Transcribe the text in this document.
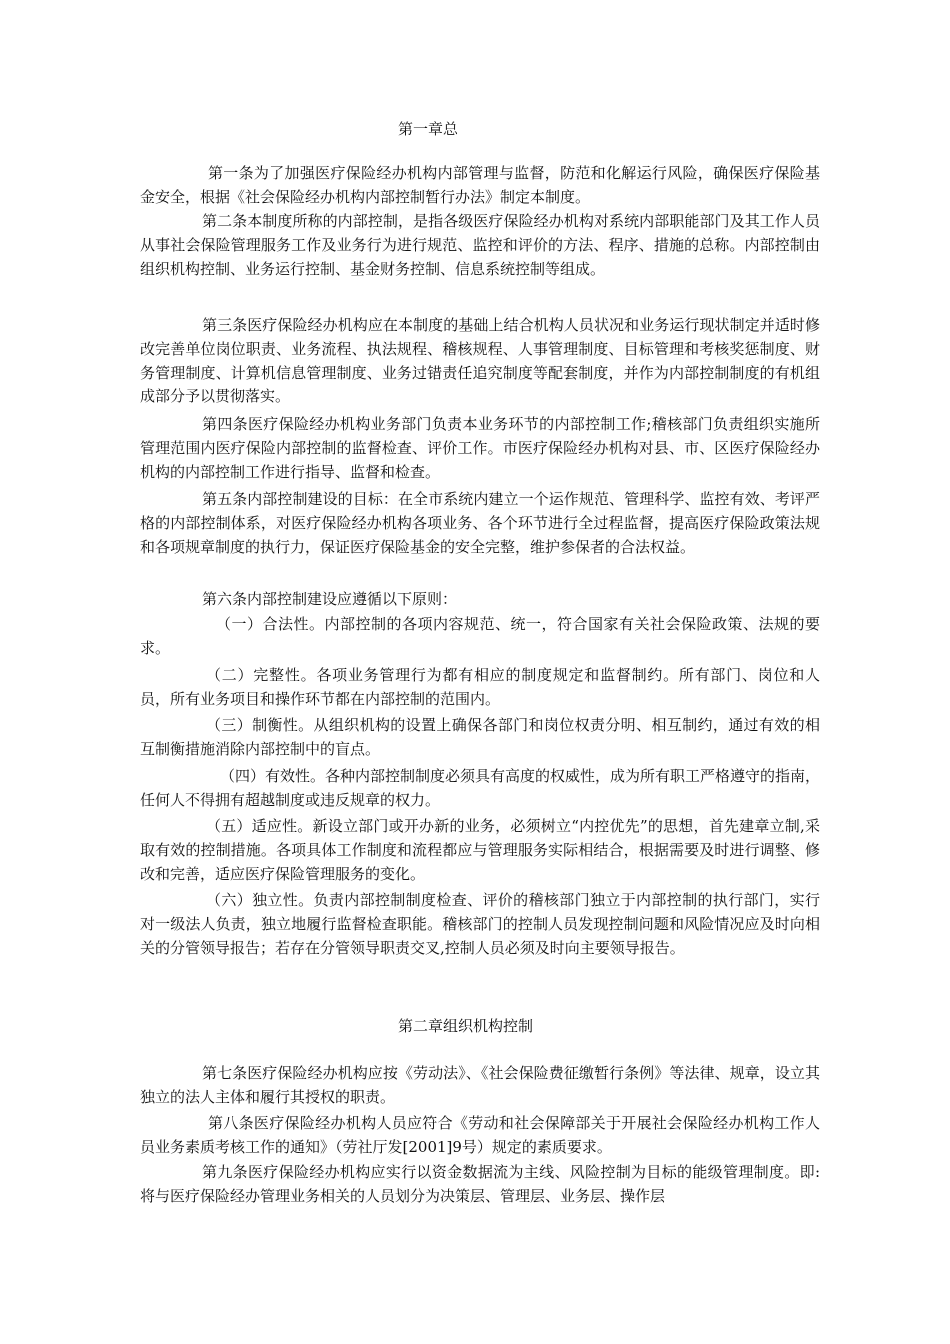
第一章总

第一条为了加强医疗保险经办机构内部管理与监督，防范和化解运行风险，确保医疗保险基金安全，根据《社会保险经办机构内部控制暂行办法》制定本制度。

第二条本制度所称的内部控制，是指各级医疗保险经办机构对系统内部职能部门及其工作人员从事社会保险管理服务工作及业务行为进行规范、监控和评价的方法、程序、措施的总称。内部控制由组织机构控制、业务运行控制、基金财务控制、信息系统控制等组成。

第三条医疗保险经办机构应在本制度的基础上结合机构人员状况和业务运行现状制定并适时修改完善单位岗位职责、业务流程、执法规程、稽核规程、人事管理制度、目标管理和考核奖惩制度、财务管理制度、计算机信息管理制度、业务过错责任追究制度等配套制度，并作为内部控制制度的有机组成部分予以贯彻落实。

第四条医疗保险经办机构业务部门负责本业务环节的内部控制工作;稽核部门负责组织实施所管理范围内医疗保险内部控制的监督检查、评价工作。市医疗保险经办机构对县、市、区医疗保险经办机构的内部控制工作进行指导、监督和检查。

第五条内部控制建设的目标：在全市系统内建立一个运作规范、管理科学、监控有效、考评严格的内部控制体系，对医疗保险经办机构各项业务、各个环节进行全过程监督，提高医疗保险政策法规和各项规章制度的执行力，保证医疗保险基金的安全完整，维护参保者的合法权益。

第六条内部控制建设应遵循以下原则：

（一）合法性。内部控制的各项内容规范、统一，符合国家有关社会保险政策、法规的要求。

（二）完整性。各项业务管理行为都有相应的制度规定和监督制约。所有部门、岗位和人员，所有业务项目和操作环节都在内部控制的范围内。

（三）制衡性。从组织机构的设置上确保各部门和岗位权责分明、相互制约，通过有效的相互制衡措施消除内部控制中的盲点。

（四）有效性。各种内部控制制度必须具有高度的权威性，成为所有职工严格遵守的指南，任何人不得拥有超越制度或违反规章的权力。

（五）适应性。新设立部门或开办新的业务，必须树立“内控优先”的思想，首先建章立制,采取有效的控制措施。各项具体工作制度和流程都应与管理服务实际相结合，根据需要及时进行调整、修改和完善，适应医疗保险管理服务的变化。

（六）独立性。负责内部控制制度检查、评价的稽核部门独立于内部控制的执行部门，实行对一级法人负责，独立地履行监督检查职能。稽核部门的控制人员发现控制问题和风险情况应及时向相关的分管领导报告；若存在分管领导职责交叉,控制人员必须及时向主要领导报告。

第二章组织机构控制

第七条医疗保险经办机构应按《劳动法》、《社会保险费征缴暂行条例》等法律、规章，设立其独立的法人主体和履行其授权的职责。

第八条医疗保险经办机构人员应符合《劳动和社会保障部关于开展社会保险经办机构工作人员业务素质考核工作的通知》（劳社厅发[2001]9号）规定的素质要求。

第九条医疗保险经办机构应实行以资金数据流为主线、风险控制为目标的能级管理制度。即:将与医疗保险经办管理业务相关的人员划分为决策层、管理层、业务层、操作层
